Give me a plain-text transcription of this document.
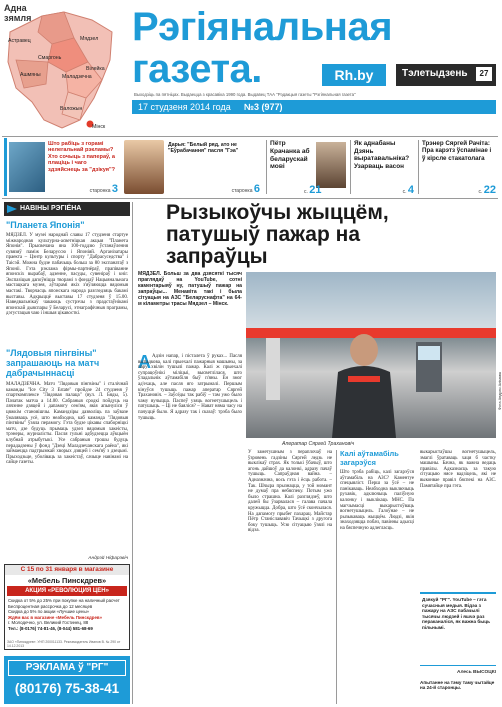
Адна
зямля
Астравец
Смаргонь
Маладзечна
Мядзел
Ашмяны
Вілейка
Валожын
Мінск
Рэгіянальная
газета.	Rh.by	Тэлетыдзень	27
Выходзіць па пятніцах. Выдаецца з красавіка 1990 года. Выдавец ТАА "Рэдакцыя газеты "Рэгіянальная газета"
17 студзеня 2014 года №3 (977)
Што рабіць з горамі нелегальнай рэкламы? Хто сочыць з папераў, а плаціць і чаго здзяйснець за "дзікуя"?
старонка 3
Дарья: "Белый ряд, ато не "Еўрабачання" пасля "Гэа"
старонка 6
Пётр Крачанка аб беларускай мові
с. 21
Як аднабаны Дзянь выратавальніка? Узарваць васон
с. 4
Трэнер Сяргей Рачіта: Пра карэтз ўспамінае і ў кірсле стакатолага
с. 22
НАВІНЫ РЭГІЁНА
"Планета Японія"
МЯДЗЕЛ. У музеі народнай славы 17 студзеня стартуе міжнародная культурна-асветніцкая акцыя "Планета Японія". Прысвечана яна 100-годдзю ўстанаўлення сувязяў паміж Беларуссю і Японіяй. Арганізатары праекта – Цэнтр культуры і спорту "Дабрасуседства" і Таісэй. Можна будзе пабачыць больш за 80 экспанатаў з Японіі. Гэта рэклама фірмы-партнёраў, прапіванне японскіх вырабаў, адзенне, пасуды, сувеніраў і кніг. Экспазіцыя дапоўніцца творамі з фондаў Нацыянальнага мастацкага музея, аўтарамі якіх з'яўляюцца вядомыя мастакі. Творчасць японскага народа разгледзяць бакамі выставы. Адкрыццё выставы 17 студзеня ў 15.00. Наведвальнікаў чакаюць сустрэчы з прадстаўнікамі японскай дыяспары ў Беларусі, этнаграфічныя праграмы, дэгустацыя чаю і іншыя цікавосткі.
"Лядовыя пінгвіны" запрашаюць на матч дабрачыннасці
МАЛАДЗЕЧНА. Матч "Лядовыя пінгвіны" і сталічнай каманды "Ice City 3 Estate" пройдзе 24 студзеня ў спарткомплексе "Лядовая палаца" (вул. Л. Бяды, 5). Пачатак матча а 14.00. Сабраныя сродкі пойдуць на лячэнне дзяцей і дапамогу сем'ям, якія апынуліся ў цяжкім становішчы. Камандзіры дазволіць па заўвазе ўмаляваць усё, што неабходна, каб каманда "Лядовыя пінгвіны" ўзяла перамогу. Гэта будзе цікавы спаборніцкі матч, дзе будуць прымаць удзел вядомыя хакеісты, трэнеры, журналісты. Пасля гульні адбудзецца аўкцыён клубнай атрыбутыкі. Усе сабраныя грошы будуць перададзены ў фонд "Дзеці Маладзечанскага раёна", які займаецца падтрымкай хворых дзяцей і сем'яў з дзецьмі. Прыходзьце, уболіваць за хакеістаў, сачыце навінамі на сайце газеты.
Андрэй Ніфарэвіч
С 15 по 31 января в магазине
«Мебель Пинскдрев»
АКЦИЯ «РЕВОЛЮЦИЯ ЦЕН»
Скидка от 5% до 25% при покупке на наличный расчет
Беспроцентная рассрочка до 12 месяцев
Скидка до 5% по акции «Лучшие цены»
Ждём вас в магазине «Мебель Пинскдрев»
г. Молодечно, ул. Великий Гостинец, 88
Тел.: (8-0176) 74-81-46, (8-044) 581-68-69
ЗАО «Пинскдрев». УНП 200011133. Рекламодатель Иванов В. № 290 от 14.12.2013
РЭКЛАМА ў "РГ"
(80176) 75-38-41
Рызыкоўчы жыццём, патушыў пажар на запраўцы
МЯДЗЕЛ. Больш за два дзясяткі тысяч праглядаў на YouTube, сотні каментарыяў ну, патушыў пажар на запраўцы... Менавіта такі і была сітуацыя на АЗС "Беларуснафта" на 64-м кіламетры трасы Мядзел – Мінск.
Фота Андрэя Алімава
Аператар Сяргей Трахановіч
А Адзін напар, і пісталета ў руках... Пасля выпадкова, калі прыехалі пажарныя машыны, за пару хвілін тушылі пажар. Калі ж прыехалі супрацоўнікі міліцыі, высветлілася, што ўладальнік аўтамабіля быў п'яны. Ён змог ад'ехаць, але пасля яго затрымалі. Першым кінуўся тушыць пажар аператар Сяргей Трахановіч. – Заўсёды так рабіў – там ужо было чаму вучыцца. Паспеў узяць вогнетушыцель і патушыць. – Ці не баяліся? – Нават няма часу на пачуццё было. Я адразу так і сказаў: трэба было тушыць.
У заметушным з пераплочаў на ўзровень гадзіны Сяргей ледзь не выклікаў страх. Як толькі ўбачыў, што агонь дайшоў да калонкі, адразу пачаў тушыць. Сапраўдная вайна. – Адназначна, вось гэта і ёсць работа. – Так. Шчыра прызнацца, у той момант не думаў пра небяспеку. Потым ужо было страшна. Калі разглядзеў, што далей бы ўзарвалася – галава пачала кружыцца. Добра, што ўсё скончылася. На дапамогу прыбег пахарац. Майстар Пётр Станіслававіч Тачыцкі з другога боку тушыць. Усю сітуацыю ўзялі на відэа.
Калі аўтамабіль загарэўся
Што трэба рабіць, калі загарэўся аўтамабіль на АЗС? Каментуе спецыяліст. Перш за ўсё – не панікаваць. Неабходна выключыць рухавік, адключыць паліўную калонку і выклікаць МНС. Па магчымасці выкарыстоўваць вогнетушыцель. Галоўнае – не рызыкаваць жыццём. Людзі, якія знаходзяцца побач, павінны адысці на бяспечную адлегласць.
выкарыстаўшы вогнетушыцель, змаглі ўратаваць хаця б частку машыны. Бачна, як важна ведаць правілы. Адказнасць за такую сітуацыю нясе вадзіцель, які не выконвае правіл бяспекі на АЗС. Памятайце пра гэта.
Дзякуй "РГ". YouTube – гэта сучасныя медыя. Відэа з пажару на АЗС пабачылі тысячы людзей і яшчэ раз пераканаліся, як важна быць пільнымі.
Алесь ВЫСОЦКІ
Апытанне на тэму таму чытайце на 24-й старонцы.
